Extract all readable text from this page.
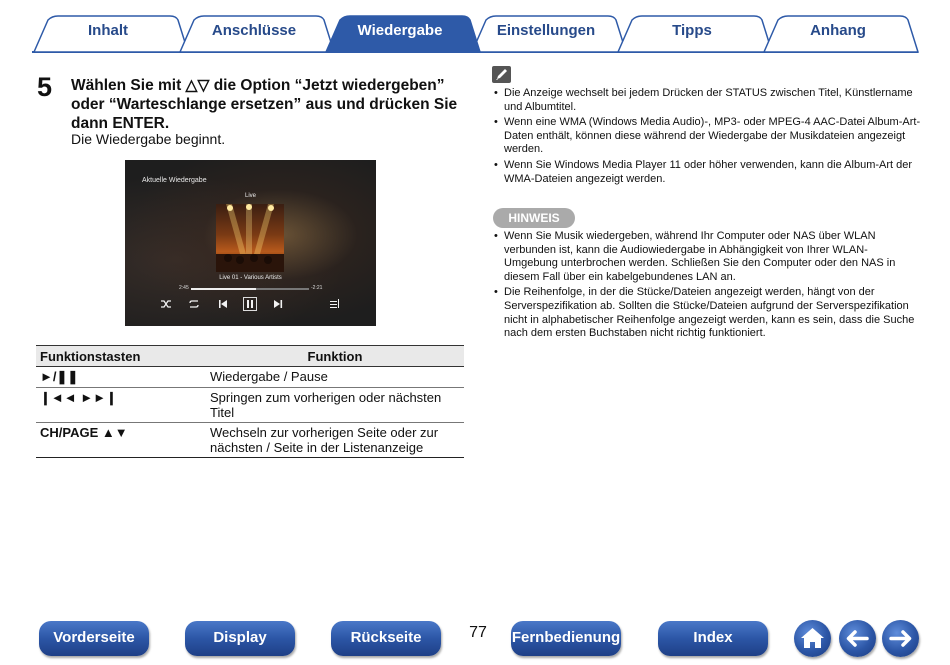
Inhalt	Anschlüsse	Wiedergabe	Einstellungen	Tipps	Anhang
5 Wählen Sie mit △▽ die Option “Jetzt wiedergeben” oder “Warteschlange ersetzen” aus und drücken Sie dann ENTER.
Die Wiedergabe beginnt.
Aktuelle Wiedergabe
Live
Live 01 - Various Artists
2:45	-2:21
Funktionstasten	Funktion
►/❚❚	Wiedergabe / Pause
❙◄◄ ►►❙	Springen zum vorherigen oder nächsten Titel
CH/PAGE ▲▼	Wechseln zur vorherigen Seite oder zur nächsten / Seite in der Listenanzeige
• Die Anzeige wechselt bei jedem Drücken der STATUS zwischen Titel, Künstlername und Albumtitel.
• Wenn eine WMA (Windows Media Audio)-, MP3- oder MPEG-4 AAC-Datei Album-Art-Daten enthält, können diese während der Wiedergabe der Musikdateien angezeigt werden.
• Wenn Sie Windows Media Player 11 oder höher verwenden, kann die Album-Art der WMA-Dateien angezeigt werden.
HINWEIS
• Wenn Sie Musik wiedergeben, während Ihr Computer oder NAS über WLAN verbunden ist, kann die Audiowiedergabe in Abhängigkeit von Ihrer WLAN-Umgebung unterbrochen werden. Schließen Sie den Computer oder den NAS in diesem Fall über ein kabelgebundenes LAN an.
• Die Reihenfolge, in der die Stücke/Dateien angezeigt werden, hängt von der Serverspezifikation ab. Sollten die Stücke/Dateien aufgrund der Serverspezifikation nicht in alphabetischer Reihenfolge angezeigt werden, kann es sein, dass die Suche nach dem ersten Buchstaben nicht richtig funktioniert.
Vorderseite	Display	Rückseite	77 Fernbedienung	Index
